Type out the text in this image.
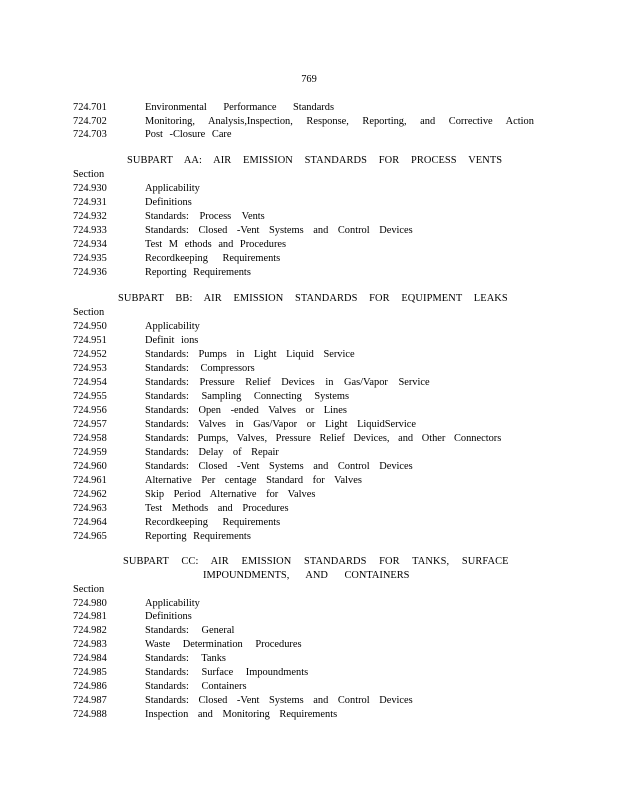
769
724.701	Environmental Performance Standards
724.702	Monitoring, Analysis,Inspection, Response, Reporting, and Corrective Action
724.703	Post -Closure Care
SUBPART AA: AIR EMISSION STANDARDS FOR PROCESS VENTS
Section
724.930	Applicability
724.931	Definitions
724.932	Standards: Process Vents
724.933	Standards: Closed -Vent Systems and Control Devices
724.934	Test M ethods and Procedures
724.935	Recordkeeping Requirements
724.936	Reporting Requirements
SUBPART BB: AIR EMISSION STANDARDS FOR EQUIPMENT LEAKS
Section
724.950	Applicability
724.951	Definit ions
724.952	Standards: Pumps in Light Liquid Service
724.953	Standards: Compressors
724.954	Standards: Pressure Relief Devices in Gas/Vapor Service
724.955	Standards: Sampling Connecting Systems
724.956	Standards: Open -ended Valves or Lines
724.957	Standards: Valves in Gas/Vapor or Light LiquidService
724.958	Standards: Pumps, Valves, Pressure Relief Devices, and Other Connectors
724.959	Standards: Delay of Repair
724.960	Standards: Closed -Vent Systems and Control Devices
724.961	Alternative Per centage Standard for Valves
724.962	Skip Period Alternative for Valves
724.963	Test Methods and Procedures
724.964	Recordkeeping Requirements
724.965	Reporting Requirements
SUBPART CC: AIR EMISSION STANDARDS FOR TANKS, SURFACE
IMPOUNDMENTS, AND CONTAINERS
Section
724.980	Applicability
724.981	Definitions
724.982	Standards: General
724.983	Waste Determination Procedures
724.984	Standards: Tanks
724.985	Standards: Surface Impoundments
724.986	Standards: Containers
724.987	Standards: Closed -Vent Systems and Control Devices
724.988	Inspection and Monitoring Requirements
